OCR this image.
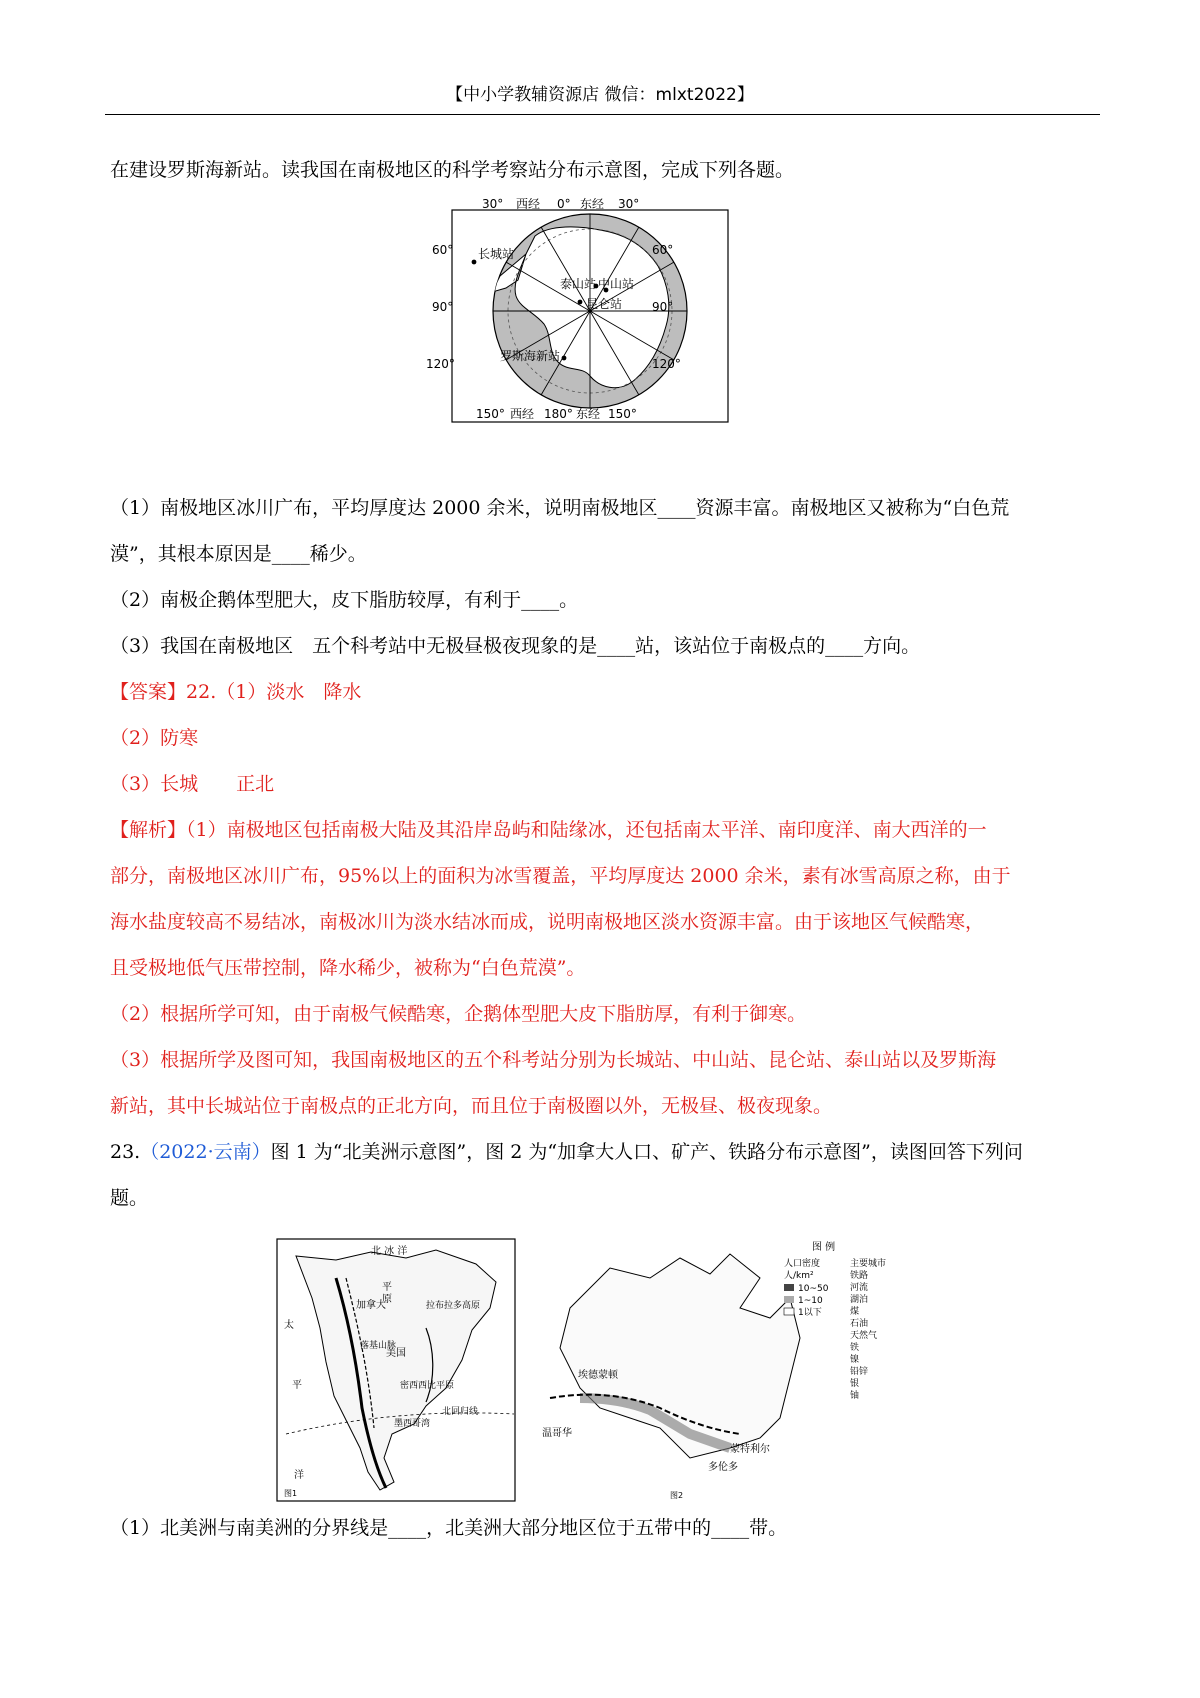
【中小学教辅资源店 微信：mlxt2022】
在建设罗斯海新站。读我国在南极地区的科学考察站分布示意图，完成下列各题。
30° 西经 0° 东经 30°
150° 西经 180° 东经 150°
60°
90°
120°
60°
90°
120°
长城站
泰山站 中山站
昆仑站
罗斯海新站
（1）南极地区冰川广布，平均厚度达 2000 余米，说明南极地区____资源丰富。南极地区又被称为“白色荒
漠”，其根本原因是____稀少。
（2）南极企鹅体型肥大，皮下脂肪较厚，有利于____。
（3）我国在南极地区　五个科考站中无极昼极夜现象的是____站，该站位于南极点的____方向。
【答案】22.（1）淡水　降水
（2）防寒
（3）长城　　正北
【解析】（1）南极地区包括南极大陆及其沿岸岛屿和陆缘冰，还包括南太平洋、南印度洋、南大西洋的一
部分，南极地区冰川广布，95%以上的面积为冰雪覆盖，平均厚度达 2000 余米，素有冰雪高原之称，由于
海水盐度较高不易结冰，南极冰川为淡水结冰而成，说明南极地区淡水资源丰富。由于该地区气候酷寒，
且受极地低气压带控制，降水稀少，被称为“白色荒漠”。
（2）根据所学可知，由于南极气候酷寒，企鹅体型肥大皮下脂肪厚，有利于御寒。
（3）根据所学及图可知，我国南极地区的五个科考站分别为长城站、中山站、昆仑站、泰山站以及罗斯海
新站，其中长城站位于南极点的正北方向，而且位于南极圈以外，无极昼、极夜现象。
23.（2022·云南）图 1 为“北美洲示意图”，图 2 为“加拿大人口、矿产、铁路分布示意图”，读图回答下列问
题。
北 冰 洋
太
平
洋
加拿大
平
原
美国
落基山脉
拉布拉多高原
密西西比平原
北回归线
墨西哥湾
图1
埃德蒙顿
温哥华
蒙特利尔
多伦多
图2
图 例
人口密度
人/km²
10~50
1~10
1以下
主要城市
铁路
河流
湖泊
煤
石油
天然气
铁
镍
铅锌
银
铀
（1）北美洲与南美洲的分界线是____，北美洲大部分地区位于五带中的____带。
